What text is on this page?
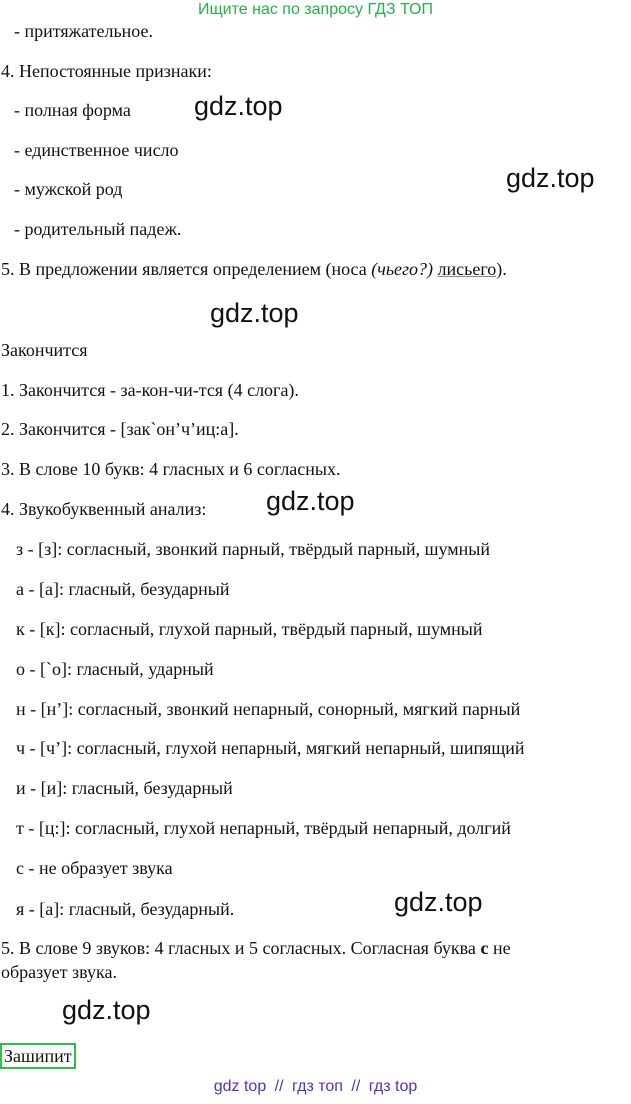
Ищите нас по запросу ГДЗ ТОП
- притяжательное.
4. Непостоянные признаки:
- полная форма
- единственное число
- мужской род
- родительный падеж.
5. В предложении является определением (носа (чьего?) лисьего).
Закончится
1. Закончится - за-кон-чи-тся (4 слога).
2. Закончится - [зак`он’ч’иц:а].
3. В слове 10 букв: 4 гласных и 6 согласных.
4. Звукобуквенный анализ:
з - [з]: согласный, звонкий парный, твёрдый парный, шумный
а - [а]: гласный, безударный
к - [к]: согласный, глухой парный, твёрдый парный, шумный
о - [`о]: гласный, ударный
н - [н’]: согласный, звонкий непарный, сонорный, мягкий парный
ч - [ч’]: согласный, глухой непарный, мягкий непарный, шипящий
и - [и]: гласный, безударный
т - [ц:]: согласный, глухой непарный, твёрдый непарный, долгий
с - не образует звука
я - [а]: гласный, безударный.
5. В слове 9 звуков: 4 гласных и 5 согласных. Согласная буква с не
образует звука.
Зашипит
gdz.top
gdz.top
gdz.top
gdz.top
gdz.top
gdz.top
gdz top // гдз топ // гдз top
